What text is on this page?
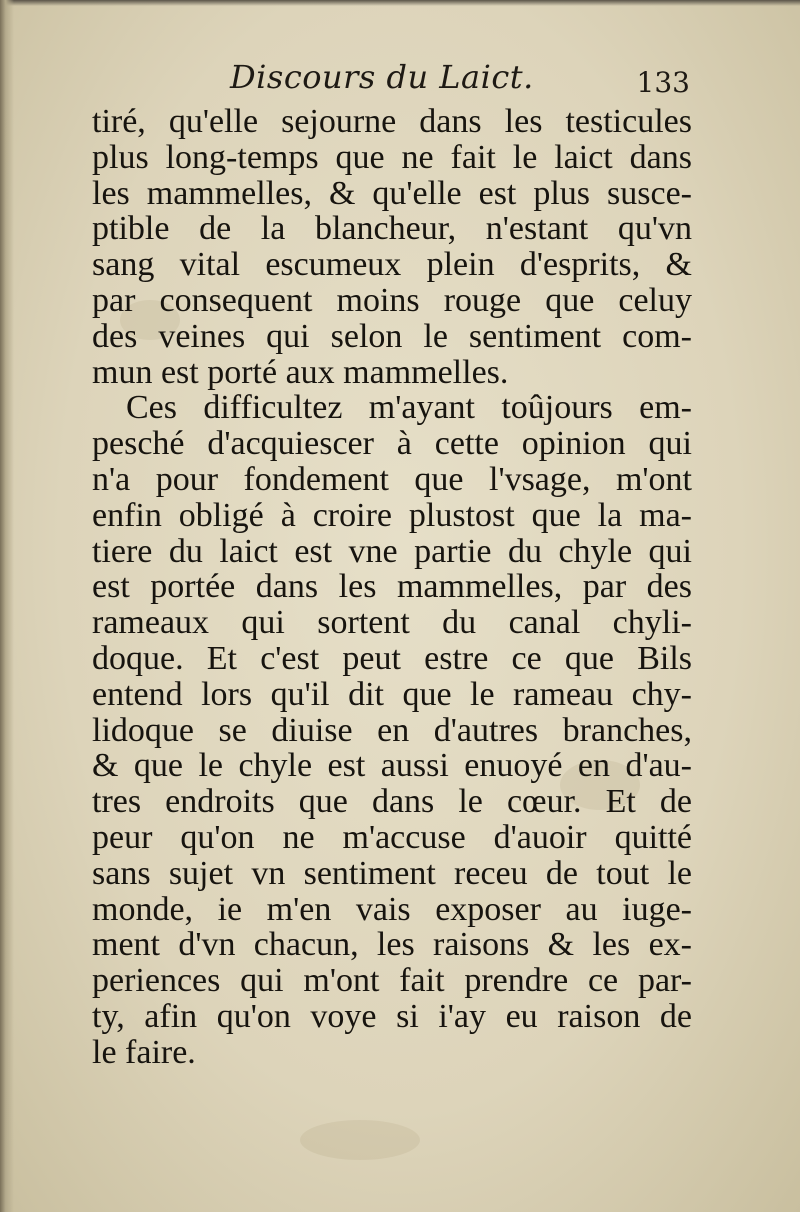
Discours du Laict.	133
tiré, qu'elle sejourne dans les testicules
plus long-temps que ne fait le laict dans
les mammelles, & qu'elle est plus susce-
ptible de la blancheur, n'estant qu'vn
sang vital escumeux plein d'esprits, &
par consequent moins rouge que celuy
des veines qui selon le sentiment com-
mun est porté aux mammelles.
Ces difficultez m'ayant toûjours em-
pesché d'acquiescer à cette opinion qui
n'a pour fondement que l'vsage, m'ont
enfin obligé à croire plustost que la ma-
tiere du laict est vne partie du chyle qui
est portée dans les mammelles, par des
rameaux qui sortent du canal chyli-
doque. Et c'est peut estre ce que Bils
entend lors qu'il dit que le rameau chy-
lidoque se diuise en d'autres branches,
& que le chyle est aussi enuoyé en d'au-
tres endroits que dans le cœur. Et de
peur qu'on ne m'accuse d'auoir quitté
sans sujet vn sentiment receu de tout le
monde, ie m'en vais exposer au iuge-
ment d'vn chacun, les raisons & les ex-
periences qui m'ont fait prendre ce par-
ty, afin qu'on voye si i'ay eu raison de
le faire.
